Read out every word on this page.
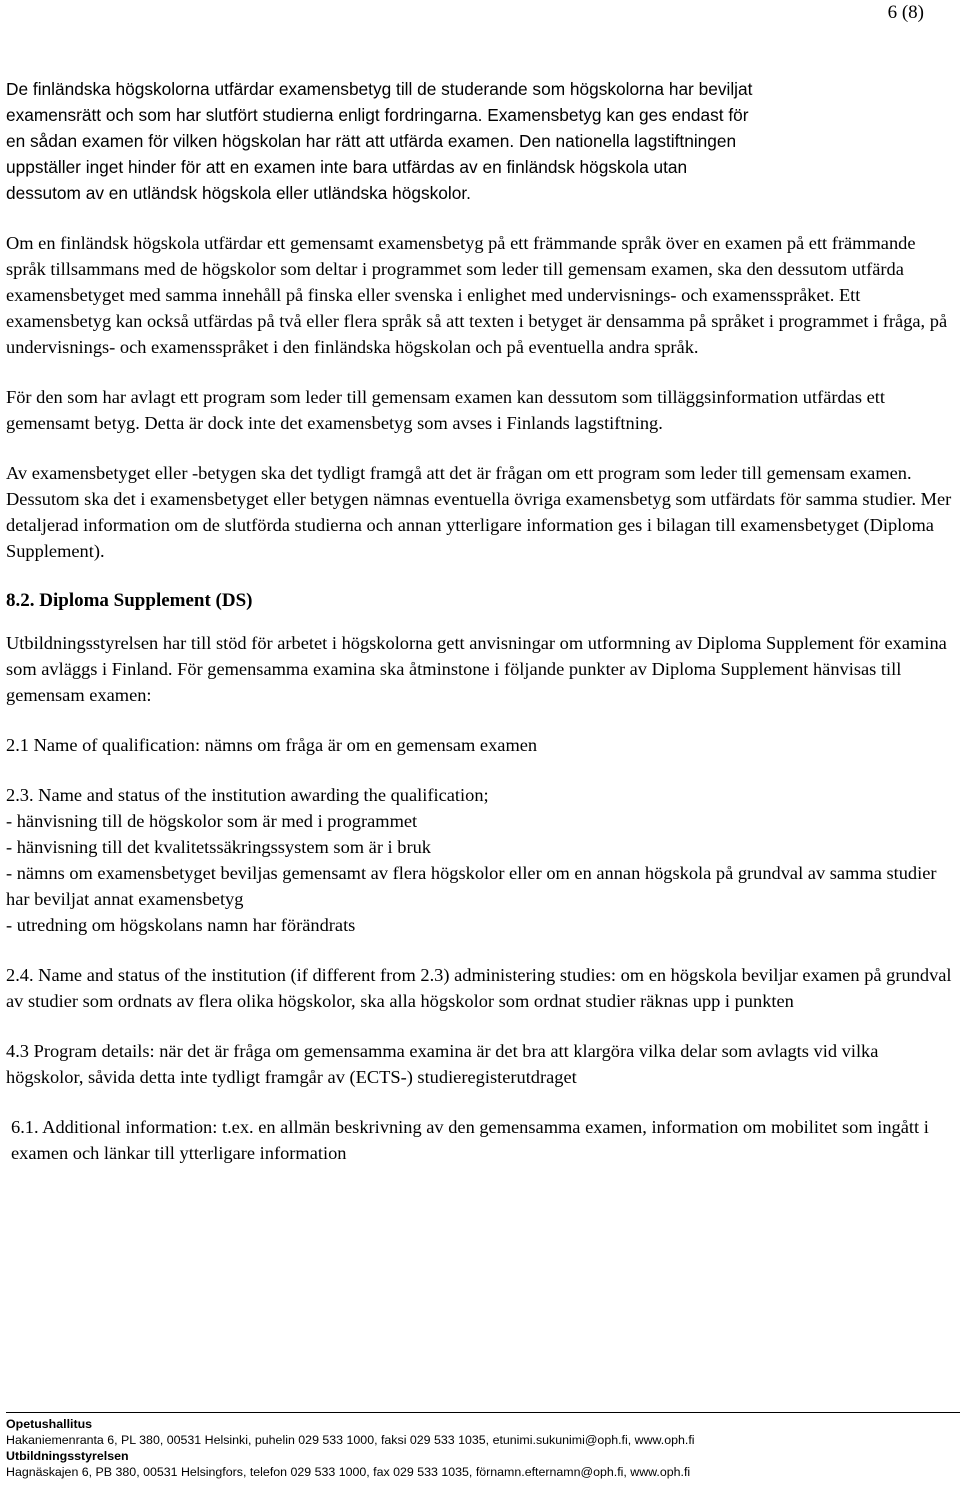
6 (8)

De finländska högskolorna utfärdar examensbetyg till de studerande som högskolorna har beviljat
examensrätt och som har slutfört studierna enligt fordringarna. Examensbetyg kan ges endast för
en sådan examen för vilken högskolan har rätt att utfärda examen. Den nationella lagstiftningen
uppställer inget hinder för att en examen inte bara utfärdas av en finländsk högskola utan
dessutom av en utländsk högskola eller utländska högskolor.

Om en finländsk högskola utfärdar ett gemensamt examensbetyg på ett främmande språk över en examen på ett främmande språk tillsammans med de högskolor som deltar i programmet som leder till gemensam examen, ska den dessutom utfärda examensbetyget med samma innehåll på finska eller svenska i enlighet med undervisnings- och examensspråket. Ett examensbetyg kan också utfärdas på två eller flera språk så att texten i betyget är densamma på språket i programmet i fråga, på undervisnings- och examensspråket i den finländska högskolan och på eventuella andra språk.

För den som har avlagt ett program som leder till gemensam examen kan dessutom som tilläggsinformation utfärdas ett gemensamt betyg. Detta är dock inte det examensbetyg som avses i Finlands lagstiftning.

Av examensbetyget eller -betygen ska det tydligt framgå att det är frågan om ett program som leder till gemensam examen. Dessutom ska det i examensbetyget eller betygen nämnas eventuella övriga examensbetyg som utfärdats för samma studier. Mer detaljerad information om de slutförda studierna och annan ytterligare information ges i bilagan till examensbetyget (Diploma Supplement).

8.2. Diploma Supplement (DS)

Utbildningsstyrelsen har till stöd för arbetet i högskolorna gett anvisningar om utformning av Diploma Supplement för examina som avläggs i Finland. För gemensamma examina ska åtminstone i följande punkter av Diploma Supplement hänvisas till gemensam examen:

2.1 Name of qualification: nämns om fråga är om en gemensam examen

2.3. Name and status of the institution awarding the qualification;
- hänvisning till de högskolor som är med i programmet
- hänvisning till det kvalitetssäkringssystem som är i bruk
- nämns om examensbetyget beviljas gemensamt av flera högskolor eller om en annan högskola på grundval av samma studier har beviljat annat examensbetyg
- utredning om högskolans namn har förändrats

2.4. Name and status of the institution (if different from 2.3) administering studies: om en högskola beviljar examen på grundval av studier som ordnats av flera olika högskolor, ska alla högskolor som ordnat studier räknas upp i punkten

4.3 Program details: när det är fråga om gemensamma examina är det bra att klargöra vilka delar som avlagts vid vilka högskolor, såvida detta inte tydligt framgår av (ECTS-) studieregisterutdraget

6.1. Additional information: t.ex. en allmän beskrivning av den gemensamma examen, information om mobilitet som ingått i examen och länkar till ytterligare information

Opetushallitus
Hakaniemenranta 6, PL 380, 00531 Helsinki, puhelin 029 533 1000, faksi 029 533 1035, etunimi.sukunimi@oph.fi, www.oph.fi
Utbildningsstyrelsen
Hagnäskajen 6, PB 380, 00531 Helsingfors, telefon 029 533 1000, fax 029 533 1035, förnamn.efternamn@oph.fi, www.oph.fi
